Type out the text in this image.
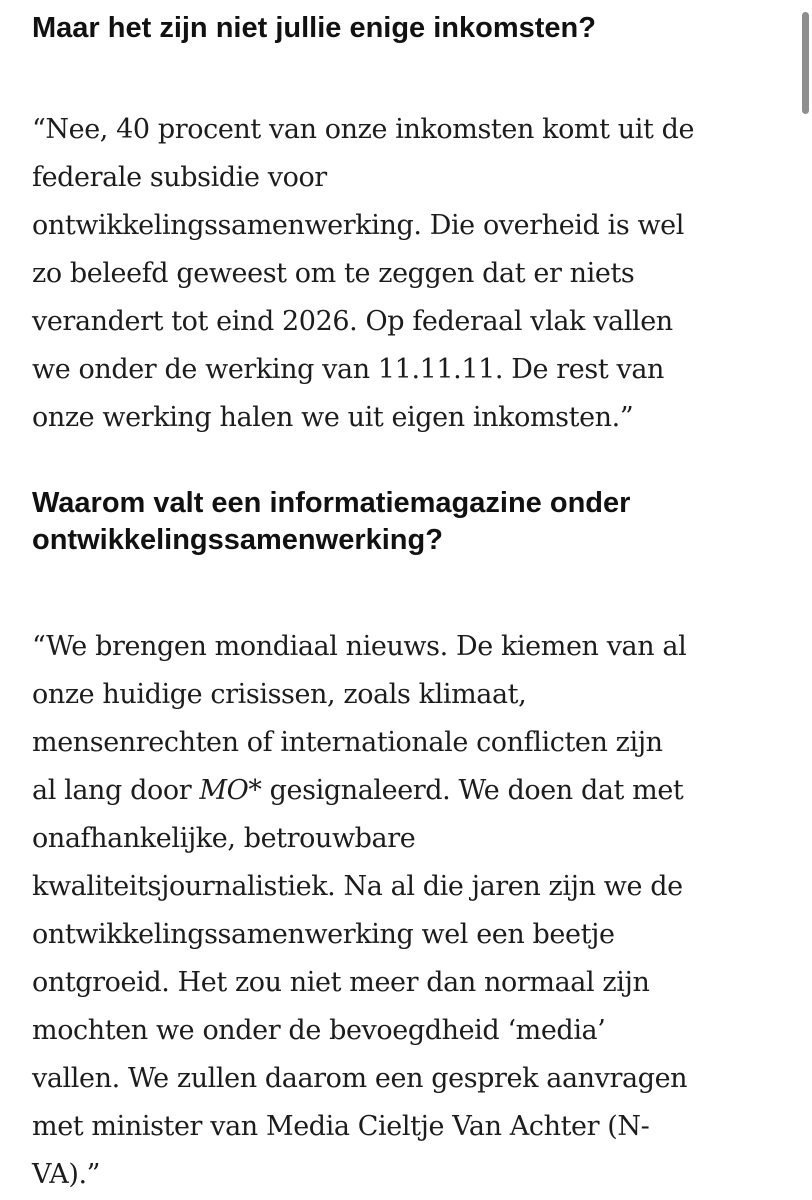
Maar het zijn niet jullie enige inkomsten?

“Nee, 40 procent van onze inkomsten komt uit de
federale subsidie voor
ontwikkelingssamenwerking. Die overheid is wel
zo beleefd geweest om te zeggen dat er niets
verandert tot eind 2026. Op federaal vlak vallen
we onder de werking van 11.11.11. De rest van
onze werking halen we uit eigen inkomsten.”

Waarom valt een informatiemagazine onder
ontwikkelingssamenwerking?

“We brengen mondiaal nieuws. De kiemen van al
onze huidige crisissen, zoals klimaat,
mensenrechten of internationale conflicten zijn
al lang door MO* gesignaleerd. We doen dat met
onafhankelijke, betrouwbare
kwaliteitsjournalistiek. Na al die jaren zijn we de
ontwikkelingssamenwerking wel een beetje
ontgroeid. Het zou niet meer dan normaal zijn
mochten we onder de bevoegdheid ‘media’
vallen. We zullen daarom een gesprek aanvragen
met minister van Media Cieltje Van Achter (N-
VA).”
